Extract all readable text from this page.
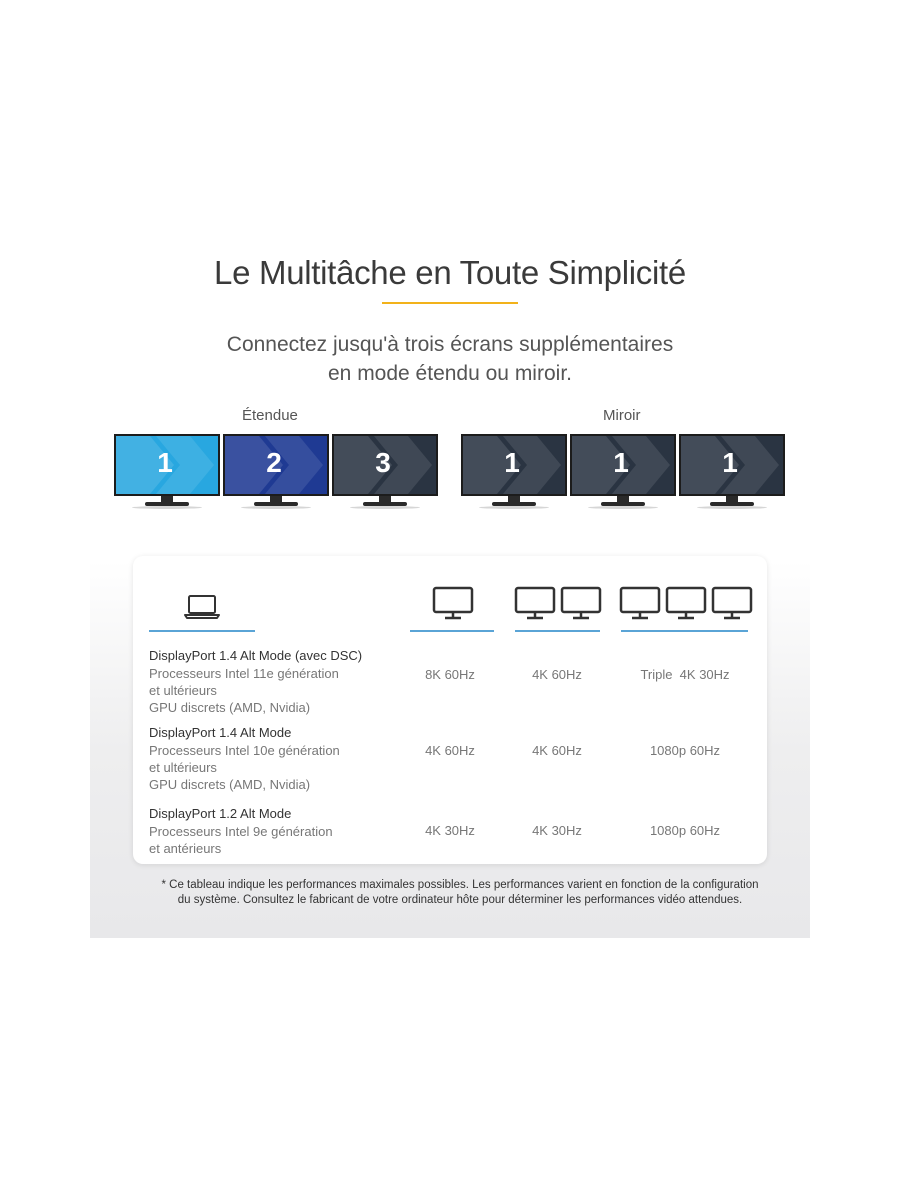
Le Multitâche en Toute Simplicité
Connectez jusqu'à trois écrans supplémentaires
en mode étendu ou miroir.
Étendue	Miroir
1	2	3	1	1	1
DisplayPort 1.4 Alt Mode (avec DSC)
Processeurs Intel 11e génération
et ultérieurs
GPU discrets (AMD, Nvidia)
8K 60Hz	4K 60Hz	Triple  4K 30Hz
DisplayPort 1.4 Alt Mode
Processeurs Intel 10e génération
et ultérieurs
GPU discrets (AMD, Nvidia)
4K 60Hz	4K 60Hz	1080p 60Hz
DisplayPort 1.2 Alt Mode
Processeurs Intel 9e génération
et antérieurs
4K 30Hz	4K 30Hz	1080p 60Hz
* Ce tableau indique les performances maximales possibles. Les performances varient en fonction de la configuration
du système. Consultez le fabricant de votre ordinateur hôte pour déterminer les performances vidéo attendues.
